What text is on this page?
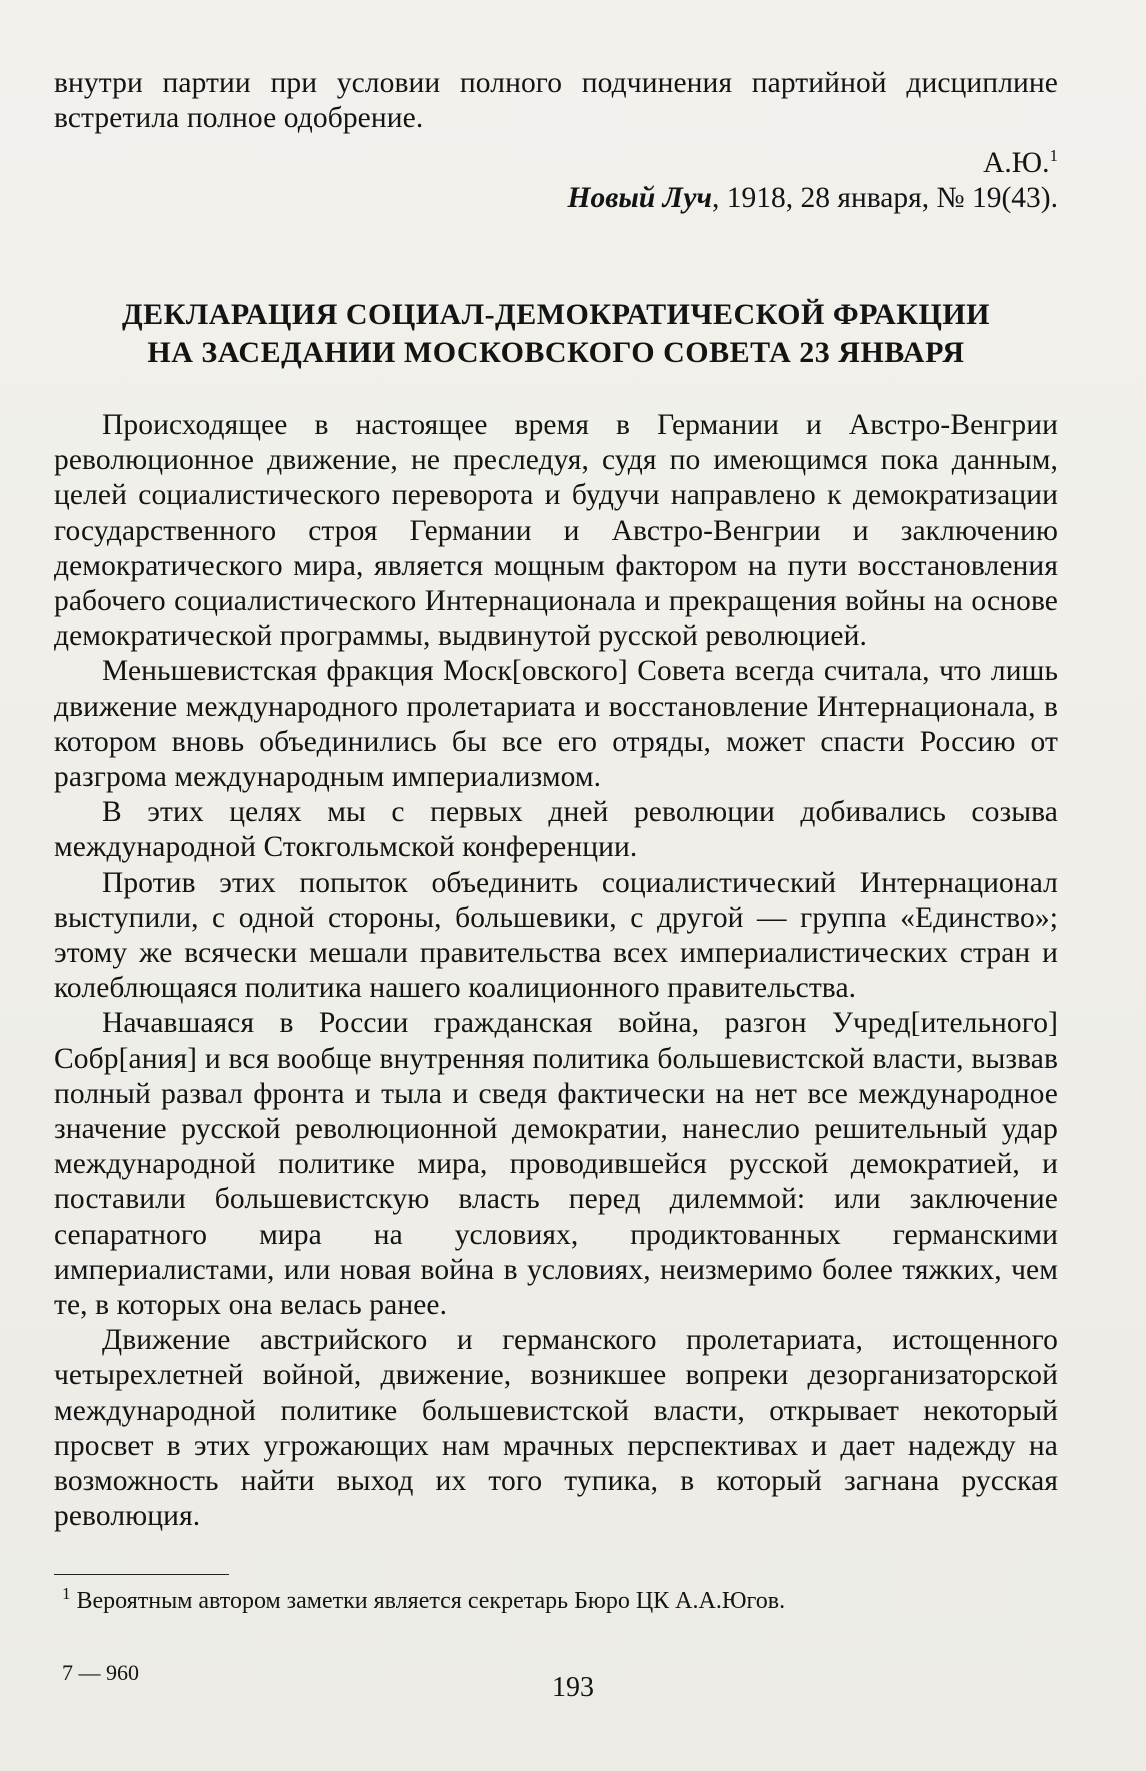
внутри партии при условии полного подчинения партийной дисциплине встретила полное одобрение.

А.Ю.$^1$
Новый Луч, 1918, 28 января, № 19(43).
ДЕКЛАРАЦИЯ СОЦИАЛ-ДЕМОКРАТИЧЕСКОЙ ФРАКЦИИ
НА ЗАСЕДАНИИ МОСКОВСКОГО СОВЕТА 23 ЯНВАРЯ

Происходящее в настоящее время в Германии и Австро-Венгрии революционное движение, не преследуя, судя по имеющимся пока данным, целей социалистического переворота и будучи направлено к демократизации государственного строя Германии и Австро-Венгрии и заключению демократического мира, является мощным фактором на пути восстановления рабочего социалистического Интернационала и прекращения войны на основе демократической программы, выдвинутой русской революцией.

Меньшевистская фракция Моск[овского] Совета всегда считала, что лишь движение международного пролетариата и восстановление Интернационала, в котором вновь объединились бы все его отряды, может спасти Россию от разгрома международным империализмом.

В этих целях мы с первых дней революции добивались созыва международной Стокгольмской конференции.

Против этих попыток объединить социалистический Интернационал выступили, с одной стороны, большевики, с другой — группа «Единство»; этому же всячески мешали правительства всех империалистических стран и колеблющаяся политика нашего коалиционного правительства.

Начавшаяся в России гражданская война, разгон Учред[ительного] Собр[ания] и вся вообще внутренняя политика большевистской власти, вызвав полный развал фронта и тыла и сведя фактически на нет все международное значение русской революционной демократии, нанеслио решительный удар международной политике мира, проводившейся русской демократией, и поставили большевистскую власть перед дилеммой: или заключение сепаратного мира на условиях, продиктованных германскими империалистами, или новая война в условиях, неизмеримо более тяжких, чем те, в которых она велась ранее.

Движение австрийского и германского пролетариата, истощенного четырехлетней войной, движение, возникшее вопреки дезорганизаторской международной политике большевистской власти, открывает некоторый просвет в этих угрожающих нам мрачных перспективах и дает надежду на возможность найти выход их того тупика, в который загнана русская революция.

$^1$ Вероятным автором заметки является секретарь Бюро ЦК А.А.Югов.
7 — 960	193
